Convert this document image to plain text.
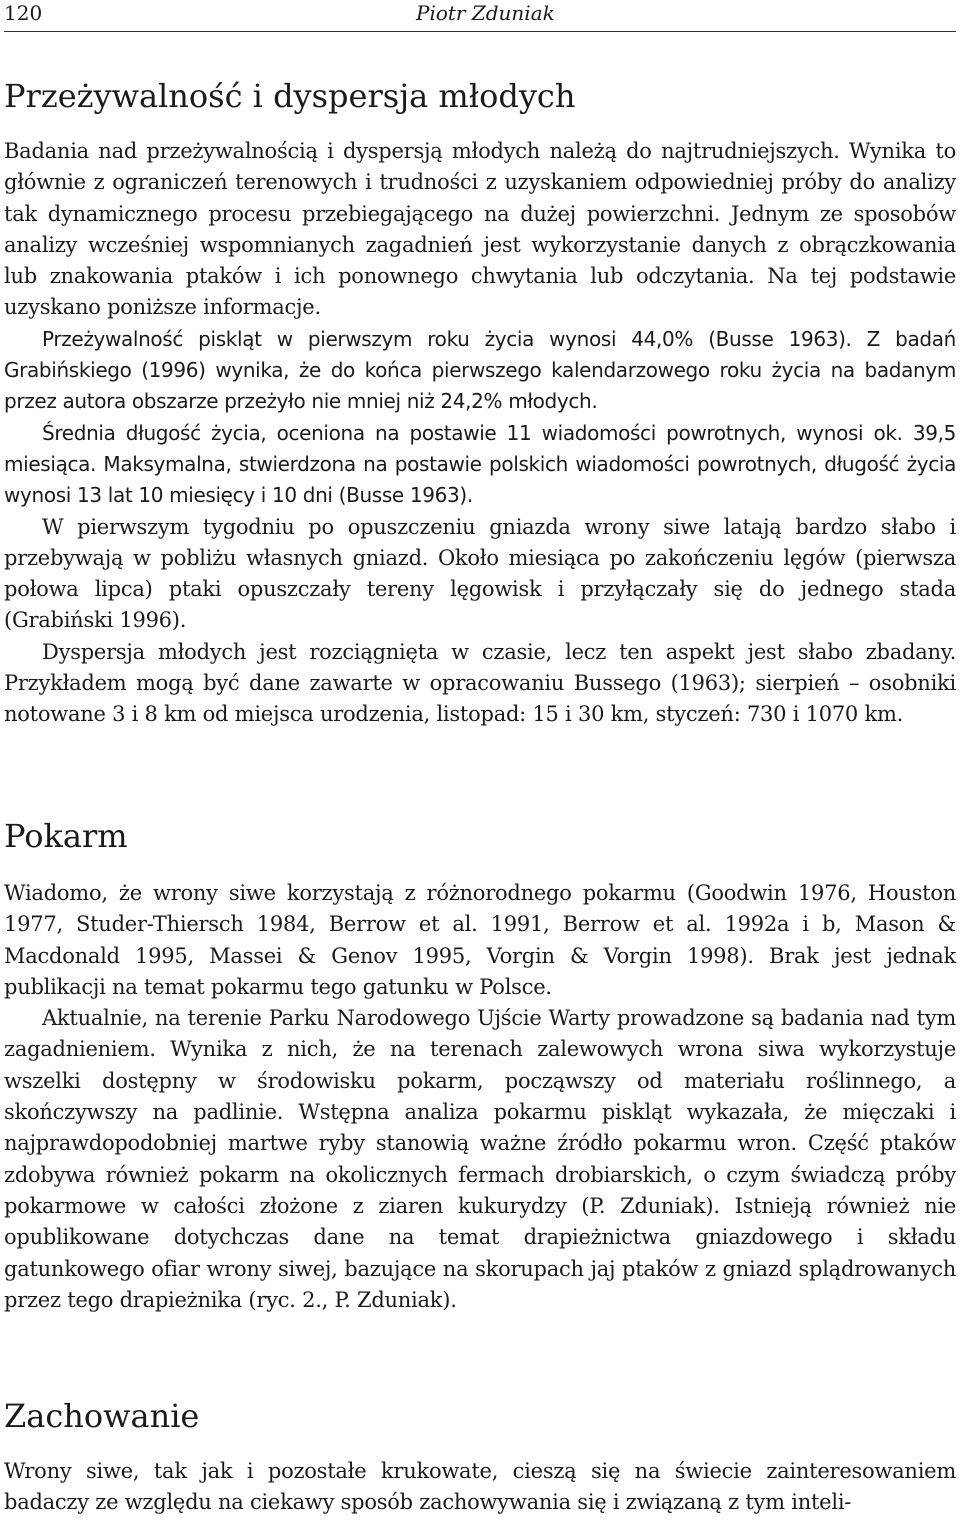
120	Piotr Zduniak
Przeżywalność i dyspersja młodych

Badania nad przeżywalnością i dyspersją młodych należą do najtrudniejszych. Wynika to głównie z ograniczeń terenowych i trudności z uzyskaniem odpowiedniej próby do analizy tak dynamicznego procesu przebiegającego na dużej powierzchni. Jednym ze sposobów analizy wcześniej wspomnianych zagadnień jest wykorzystanie danych z obrączkowania lub znakowania ptaków i ich ponownego chwytania lub odczytania. Na tej podstawie uzyskano poniższe informacje.

Przeżywalność piskląt w pierwszym roku życia wynosi 44,0% (Busse 1963). Z badań Grabińskiego (1996) wynika, że do końca pierwszego kalendarzowego roku życia na badanym przez autora obszarze przeżyło nie mniej niż 24,2% młodych.

Średnia długość życia, oceniona na postawie 11 wiadomości powrotnych, wynosi ok. 39,5 miesiąca. Maksymalna, stwierdzona na postawie polskich wiadomości powrotnych, długość życia wynosi 13 lat 10 miesięcy i 10 dni (Busse 1963).

W pierwszym tygodniu po opuszczeniu gniazda wrony siwe latają bardzo słabo i przebywają w pobliżu własnych gniazd. Około miesiąca po zakończeniu lęgów (pierwsza połowa lipca) ptaki opuszczały tereny lęgowisk i przyłączały się do jednego stada (Grabiński 1996).

Dyspersja młodych jest rozciągnięta w czasie, lecz ten aspekt jest słabo zbadany. Przykładem mogą być dane zawarte w opracowaniu Bussego (1963); sierpień – osobniki notowane 3 i 8 km od miejsca urodzenia, listopad: 15 i 30 km, styczeń: 730 i 1070 km.

Pokarm

Wiadomo, że wrony siwe korzystają z różnorodnego pokarmu (Goodwin 1976, Houston 1977, Studer-Thiersch 1984, Berrow et al. 1991, Berrow et al. 1992a i b, Mason & Macdonald 1995, Massei & Genov 1995, Vorgin & Vorgin 1998). Brak jest jednak publikacji na temat pokarmu tego gatunku w Polsce.

Aktualnie, na terenie Parku Narodowego Ujście Warty prowadzone są badania nad tym zagadnieniem. Wynika z nich, że na terenach zalewowych wrona siwa wykorzystuje wszelki dostępny w środowisku pokarm, począwszy od materiału roślinnego, a skończywszy na padlinie. Wstępna analiza pokarmu piskląt wykazała, że mięczaki i najprawdopodobniej martwe ryby stanowią ważne źródło pokarmu wron. Część ptaków zdobywa również pokarm na okolicznych fermach drobiarskich, o czym świadczą próby pokarmowe w całości złożone z ziaren kukurydzy (P. Zduniak). Istnieją również nie opublikowane dotychczas dane na temat drapieżnictwa gniazdowego i składu gatunkowego ofiar wrony siwej, bazujące na skorupach jaj ptaków z gniazd splądrowanych przez tego drapieżnika (ryc. 2., P. Zduniak).

Zachowanie

Wrony siwe, tak jak i pozostałe krukowate, cieszą się na świecie zainteresowaniem badaczy ze względu na ciekawy sposób zachowywania się i związaną z tym inteli-
